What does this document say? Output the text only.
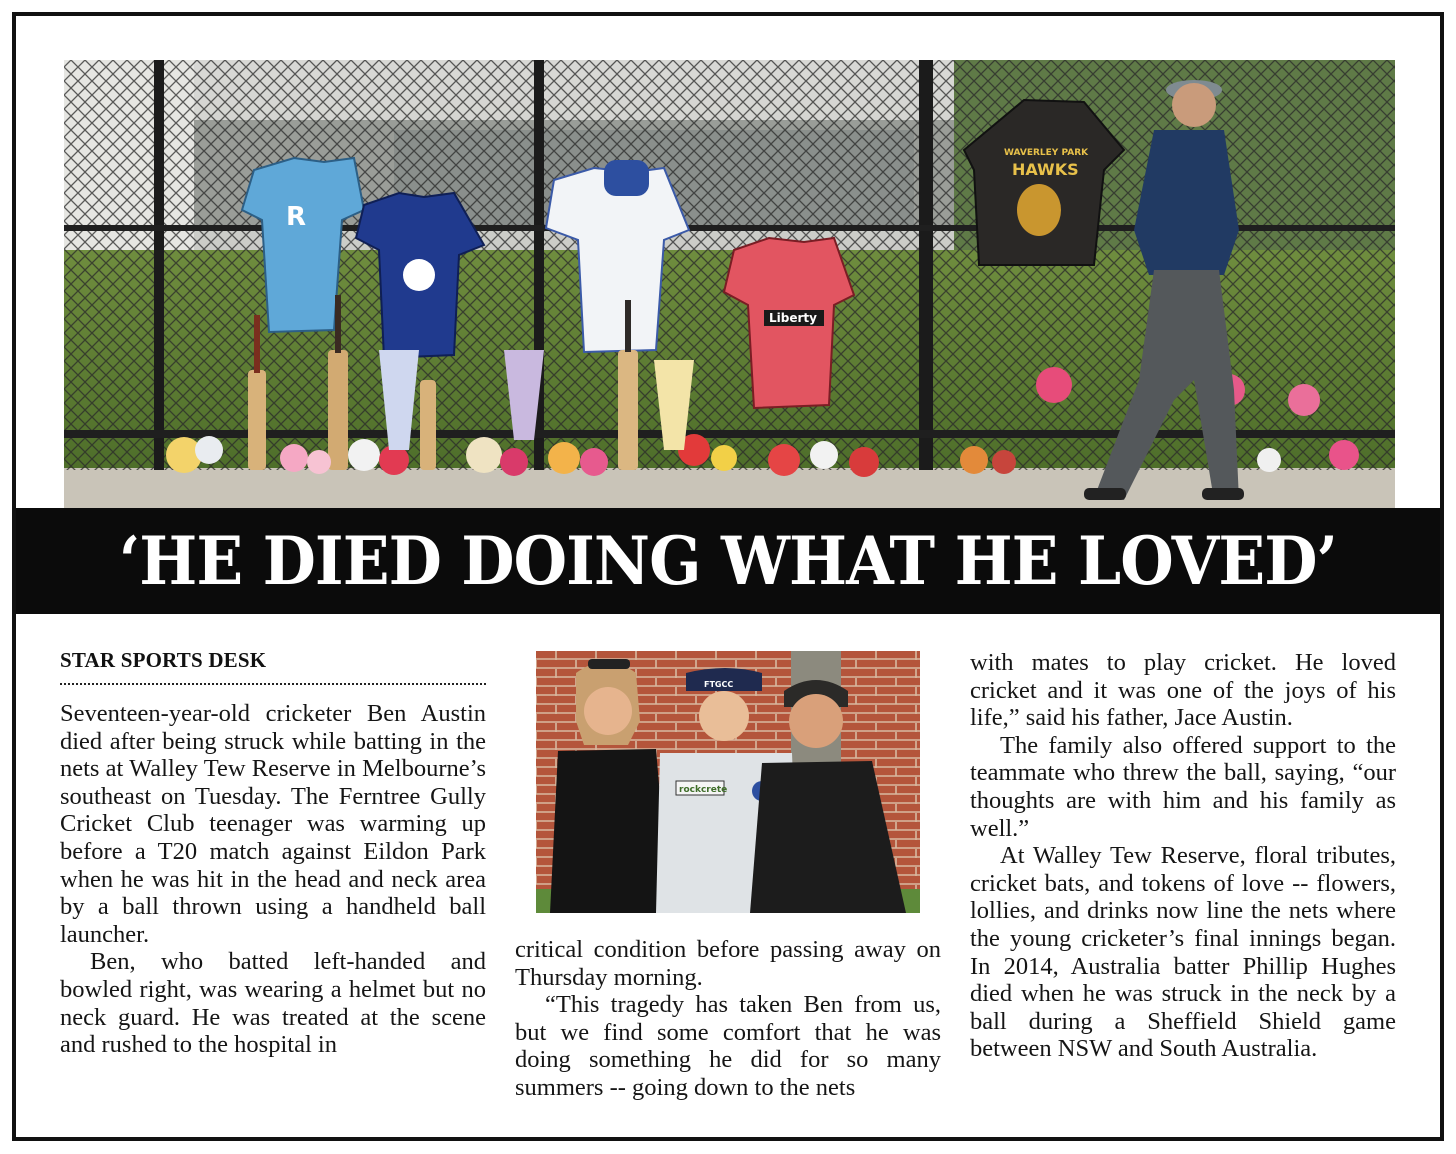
R
Liberty
WAVERLEY PARK
HAWKS
‘HE DIED DOING WHAT HE LOVED’
STAR SPORTS DESK

Seventeen-year-old cricketer Ben Austin died after being struck while batting in the nets at Walley Tew Reserve in Melbourne’s southeast on Tuesday. The Ferntree Gully Cricket Club teenager was warming up before a T20 match against Eildon Park when he was hit in the head and neck area by a ball thrown using a handheld ball launcher.

Ben, who batted left-handed and bowled right, was wearing a helmet but no neck guard. He was treated at the scene and rushed to the hospital in

FTGCC
rockcrete

critical condition before passing away on Thursday morning.

“This tragedy has taken Ben from us, but we find some comfort that he was doing something he did for so many summers -- going down to the nets

with mates to play cricket. He loved cricket and it was one of the joys of his life,” said his father, Jace Austin.

The family also offered support to the teammate who threw the ball, saying, “our thoughts are with him and his family as well.”

At Walley Tew Reserve, floral tributes, cricket bats, and tokens of love -- flowers, lollies, and drinks now line the nets where the young cricketer’s final innings began. In 2014, Australia batter Phillip Hughes died when he was struck in the neck by a ball during a Sheffield Shield game between NSW and South Australia.
